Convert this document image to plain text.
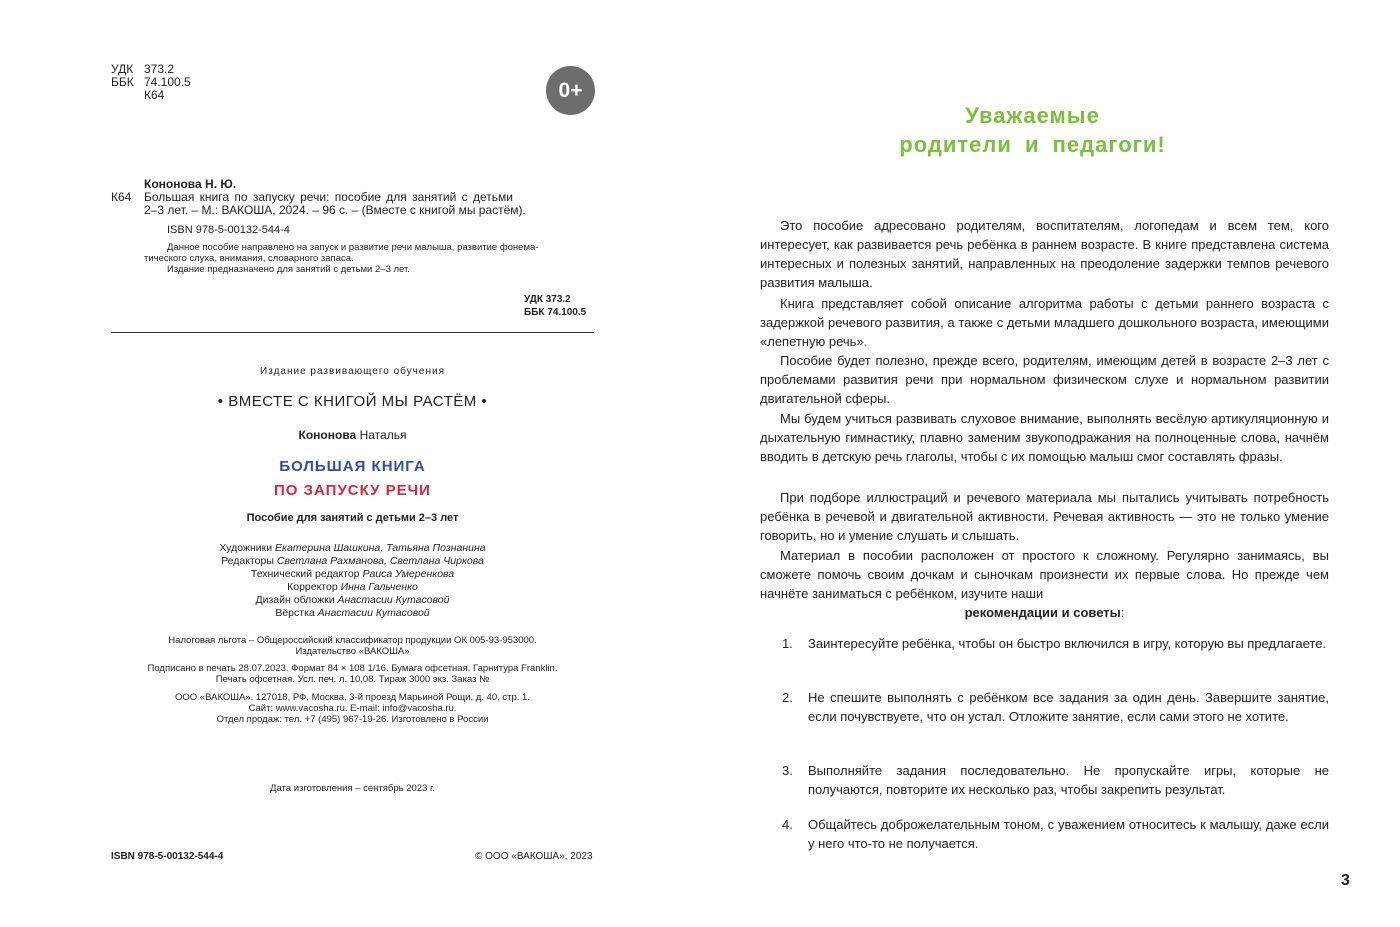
УДК 373.2
ББК 74.100.5
К64	0+
Кононова Н. Ю.
К64 Большая книга по запуску речи: пособие для занятий с детьми
2–3 лет. – М.: ВАКОША, 2024. – 96 с. – (Вместе с книгой мы растём).
ISBN 978-5-00132-544-4
Данное пособие направлено на запуск и развитие речи малыша, развитие фонема-
тического слуха, внимания, словарного запаса.
Издание предназначено для занятий с детьми 2–3 лет.
УДК 373.2
ББК 74.100.5
Издание развивающего обучения
• ВМЕСТЕ С КНИГОЙ МЫ РАСТЁМ •
Кононова Наталья
БОЛЬШАЯ КНИГА
ПО ЗАПУСКУ РЕЧИ
Пособие для занятий с детьми 2–3 лет
Художники Екатерина Шашкина, Татьяна Познанина
Редакторы Светлана Рахманова, Светлана Чиркова
Технический редактор Раиса Умеренкова
Корректор Инна Гальченко
Дизайн обложки Анастасии Кутасовой
Вёрстка Анастасии Кутасовой
Налоговая льгота – Общероссийский классификатор продукции ОК 005-93-953000.
Издательство «ВАКОША»
Подписано в печать 28.07.2023. Формат 84 × 108 1/16. Бумага офсетная. Гарнитура Franklin.
Печать офсетная. Усл. печ. л. 10,08. Тираж 3000 экз. Заказ №
ООО «ВАКОША». 127018, РФ, Москва, 3-й проезд Марьиной Рощи, д. 40, стр. 1.
Сайт: www.vacosha.ru. E-mail: info@vacosha.ru.
Отдел продаж: тел. +7 (495) 967-19-26. Изготовлено в России
Дата изготовления – сентябрь 2023 г.
ISBN 978-5-00132-544-4	© ООО «ВАКОША», 2023
Уважаемые
родители и педагоги!
Это пособие адресовано родителям, воспитателям, логопедам и всем тем, кого интересует, как развивается речь ребёнка в раннем возрасте. В книге представлена система интересных и полезных занятий, направленных на преодоление задержки темпов речевого развития малыша.
Книга представляет собой описание алгоритма работы с детьми раннего возраста с задержкой речевого развития, а также с детьми младшего дошкольного возраста, имеющими «лепетную речь».
Пособие будет полезно, прежде всего, родителям, имеющим детей в возрасте 2–3 лет с проблемами развития речи при нормальном физическом слухе и нормальном развитии двигательной сферы.
Мы будем учиться развивать слуховое внимание, выполнять весёлую артикуляционную и дыхательную гимнастику, плавно заменим звукоподражания на полноценные слова, начнём вводить в детскую речь глаголы, чтобы с их помощью малыш смог составлять фразы.
При подборе иллюстраций и речевого материала мы пытались учитывать потребность ребёнка в речевой и двигательной активности. Речевая активность — это не только умение говорить, но и умение слушать и слышать.
Материал в пособии расположен от простого к сложному. Регулярно занимаясь, вы сможете помочь своим дочкам и сыночкам произнести их первые слова. Но прежде чем начнёте заниматься с ребёнком, изучите наши

рекомендации и советы:
1. Заинтересуйте ребёнка, чтобы он быстро включился в игру, которую вы предлагаете.
2. Не спешите выполнять с ребёнком все задания за один день. Завершите занятие, если почувствуете, что он устал. Отложите занятие, если сами этого не хотите.
3. Выполняйте задания последовательно. Не пропускайте игры, которые не получаются, повторите их несколько раз, чтобы закрепить результат.
4. Общайтесь доброжелательным тоном, с уважением относитесь к малышу, даже если у него что-то не получается.
3
